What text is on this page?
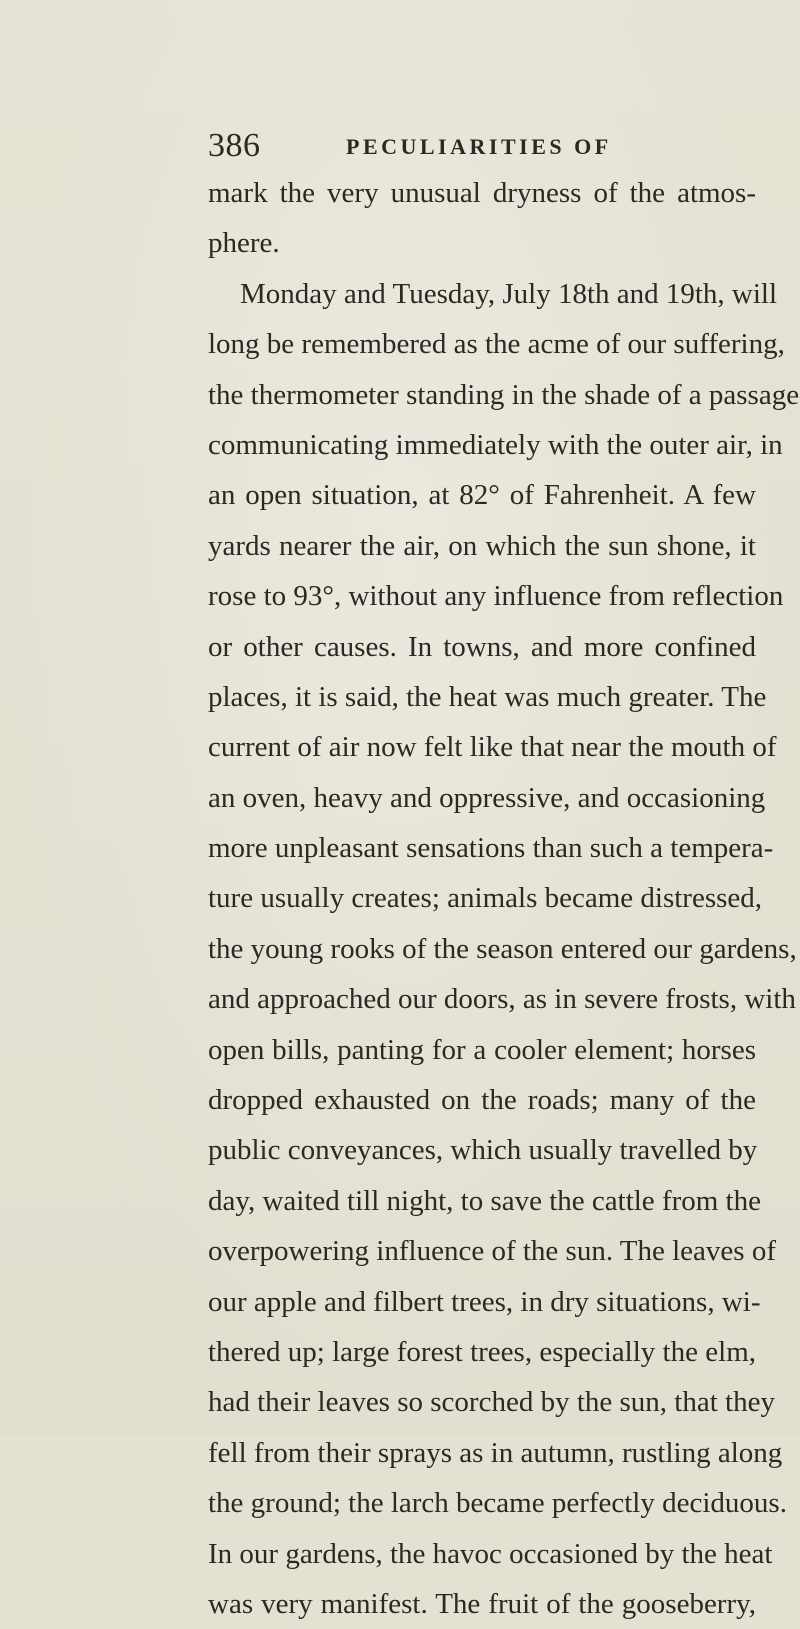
386	PECULIARITIES OF
mark the very unusual dryness of the atmos-
phere.
Monday and Tuesday, July 18th and 19th, will
long be remembered as the acme of our suffering,
the thermometer standing in the shade of a passage
communicating immediately with the outer air, in
an open situation, at 82° of Fahrenheit. A few
yards nearer the air, on which the sun shone, it
rose to 93°, without any influence from reflection
or other causes. In towns, and more confined
places, it is said, the heat was much greater. The
current of air now felt like that near the mouth of
an oven, heavy and oppressive, and occasioning
more unpleasant sensations than such a tempera-
ture usually creates; animals became distressed,
the young rooks of the season entered our gardens,
and approached our doors, as in severe frosts, with
open bills, panting for a cooler element; horses
dropped exhausted on the roads; many of the
public conveyances, which usually travelled by
day, waited till night, to save the cattle from the
overpowering influence of the sun. The leaves of
our apple and filbert trees, in dry situations, wi-
thered up; large forest trees, especially the elm,
had their leaves so scorched by the sun, that they
fell from their sprays as in autumn, rustling along
the ground; the larch became perfectly deciduous.
In our gardens, the havoc occasioned by the heat
was very manifest. The fruit of the gooseberry,
